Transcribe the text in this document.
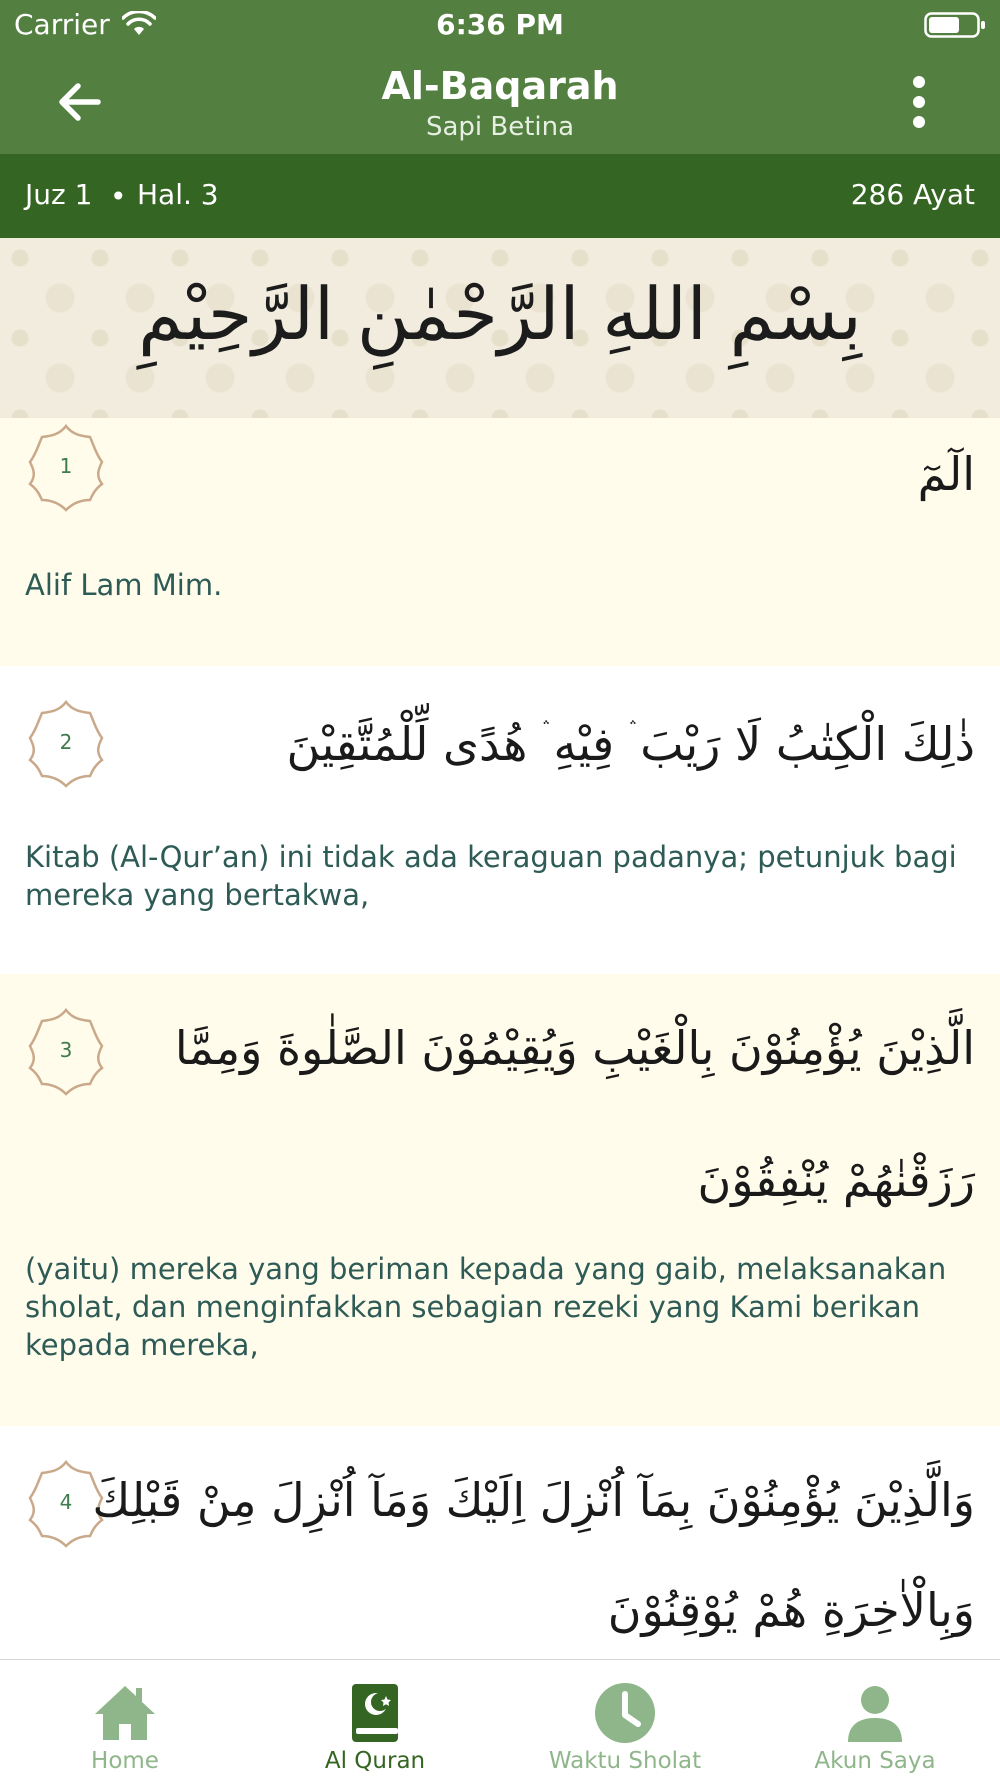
Carrier	6:36 PM
Al-Baqarah
Sapi Betina
Juz 1 • Hal. 3	286 Ayat
بِسْمِ اللهِ الرَّحْمٰنِ الرَّحِيْمِ
1	الٓمٓ
Alif Lam Mim.
2	ذٰلِكَ الْكِتٰبُ لَا رَيْبَ ۛ فِيْهِ ۛ هُدًى لِّلْمُتَّقِيْنَ
Kitab (Al-Qur’an) ini tidak ada keraguan padanya; petunjuk bagi mereka yang bertakwa,
3	الَّذِيْنَ يُؤْمِنُوْنَ بِالْغَيْبِ وَيُقِيْمُوْنَ الصَّلٰوةَ وَمِمَّا
رَزَقْنٰهُمْ يُنْفِقُوْنَ
(yaitu) mereka yang beriman kepada yang gaib, melaksanakan sholat, dan menginfakkan sebagian rezeki yang Kami berikan kepada mereka,
4 وَالَّذِيْنَ يُؤْمِنُوْنَ بِمَآ اُنْزِلَ اِلَيْكَ وَمَآ اُنْزِلَ مِنْ قَبْلِكَ
وَبِالْاٰخِرَةِ هُمْ يُوْقِنُوْنَ
Home	Al Quran	Waktu Sholat	Akun Saya
